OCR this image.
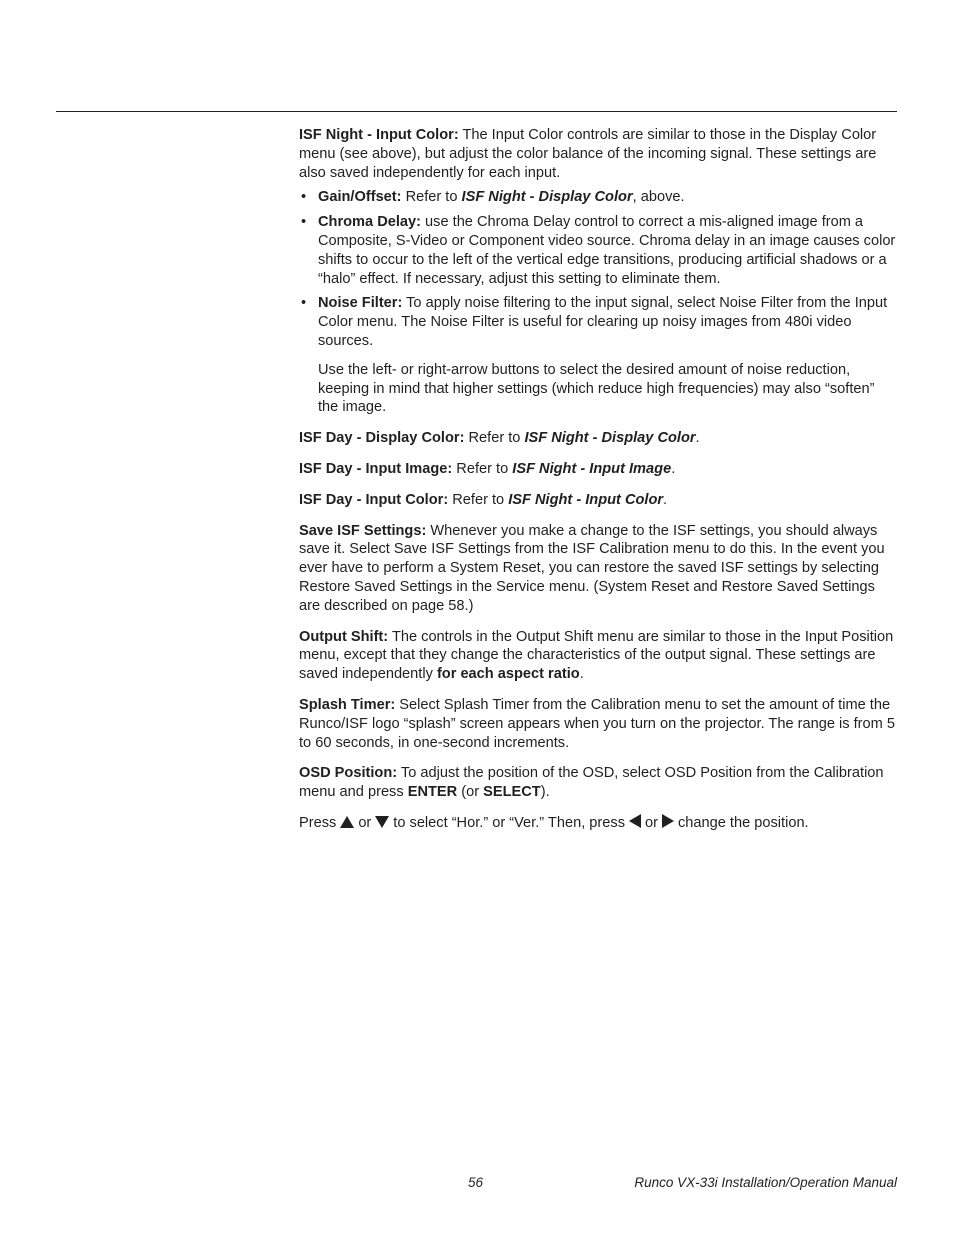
ISF Night - Input Color: The Input Color controls are similar to those in the Display Color menu (see above), but adjust the color balance of the incoming signal. These settings are also saved independently for each input.

• Gain/Offset: Refer to ISF Night - Display Color, above.
• Chroma Delay: use the Chroma Delay control to correct a mis-aligned image from a Composite, S-Video or Component video source. Chroma delay in an image causes color shifts to occur to the left of the vertical edge transitions, producing artificial shadows or a “halo” effect. If necessary, adjust this setting to eliminate them.
• Noise Filter: To apply noise filtering to the input signal, select Noise Filter from the Input Color menu. The Noise Filter is useful for clearing up noisy images from 480i video sources.

Use the left- or right-arrow buttons to select the desired amount of noise reduction, keeping in mind that higher settings (which reduce high frequencies) may also “soften” the image.

ISF Day - Display Color: Refer to ISF Night - Display Color.

ISF Day - Input Image: Refer to ISF Night - Input Image.

ISF Day - Input Color: Refer to ISF Night - Input Color.

Save ISF Settings: Whenever you make a change to the ISF settings, you should always save it. Select Save ISF Settings from the ISF Calibration menu to do this. In the event you ever have to perform a System Reset, you can restore the saved ISF settings by selecting Restore Saved Settings in the Service menu. (System Reset and Restore Saved Settings are described on page 58.)

Output Shift: The controls in the Output Shift menu are similar to those in the Input Position menu, except that they change the characteristics of the output signal. These settings are saved independently for each aspect ratio.

Splash Timer: Select Splash Timer from the Calibration menu to set the amount of time the Runco/ISF logo “splash” screen appears when you turn on the projector. The range is from 5 to 60 seconds, in one-second increments.

OSD Position: To adjust the position of the OSD, select OSD Position from the Calibration menu and press ENTER (or SELECT).

Press or to select “Hor.” or “Ver.” Then, press or change the position.

56	Runco VX-33i Installation/Operation Manual
